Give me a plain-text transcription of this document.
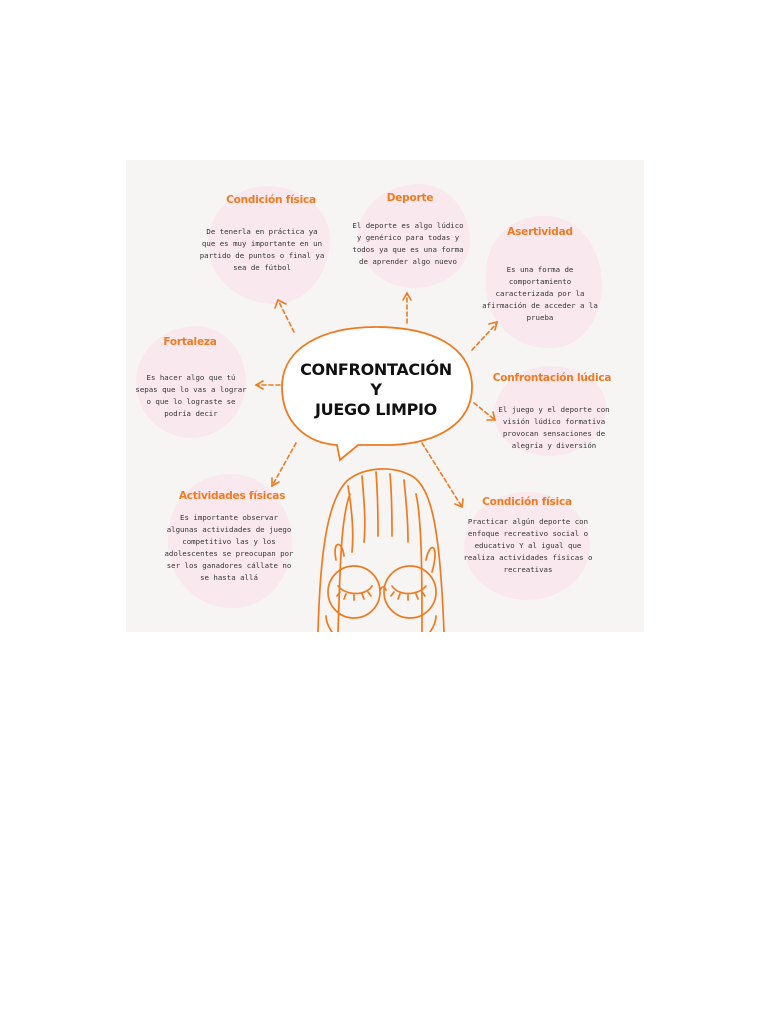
CONFRONTACIÓN Y
JUEGO LIMPIO
Condición física
De tenerla en práctica ya que es muy importante en un partido de puntos o final ya sea de fútbol
Deporte
El deporte es algo lúdico y genérico para todas y todos ya que es una forma de aprender algo nuevo
Asertividad
Es una forma de comportamiento caracterizada por la afirmación de acceder a la prueba
Fortaleza
Es hacer algo que tú sepas que lo vas a lograr o que lo lograste se podría decir
Confrontación lúdica
El juego y el deporte con visión lúdico formativa provocan sensaciones de alegría y diversión
Actividades físicas
Es importante observar algunas actividades de juego competitivo las y los adolescentes se preocupan por ser los ganadores cállate no se hasta allá
Condición física
Practicar algún deporte con enfoque recreativo social o educativo Y al igual que realiza actividades físicas o recreativas
